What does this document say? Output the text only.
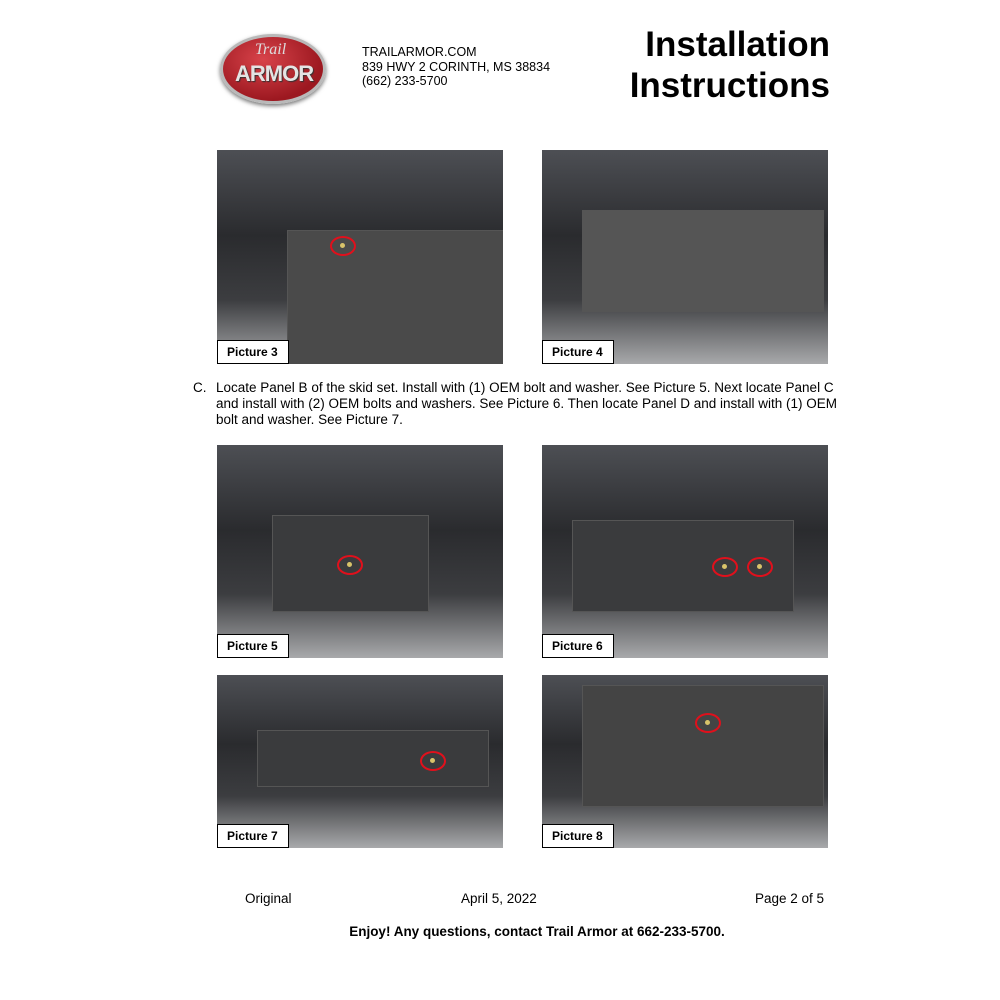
Trail
ARMOR
TRAILARMOR.COM
839 HWY 2 CORINTH, MS 38834
(662) 233-5700
Installation
Instructions
Picture 3	Picture 4
C. Locate Panel B of the skid set. Install with (1) OEM bolt and washer. See Picture 5. Next locate Panel C and install with (2) OEM bolts and washers. See Picture 6. Then locate Panel D and install with (1) OEM bolt and washer. See Picture 7.
Picture 5	Picture 6
Picture 7	Picture 8
Original	April 5, 2022	Page 2 of 5
Enjoy! Any questions, contact Trail Armor at 662-233-5700.
